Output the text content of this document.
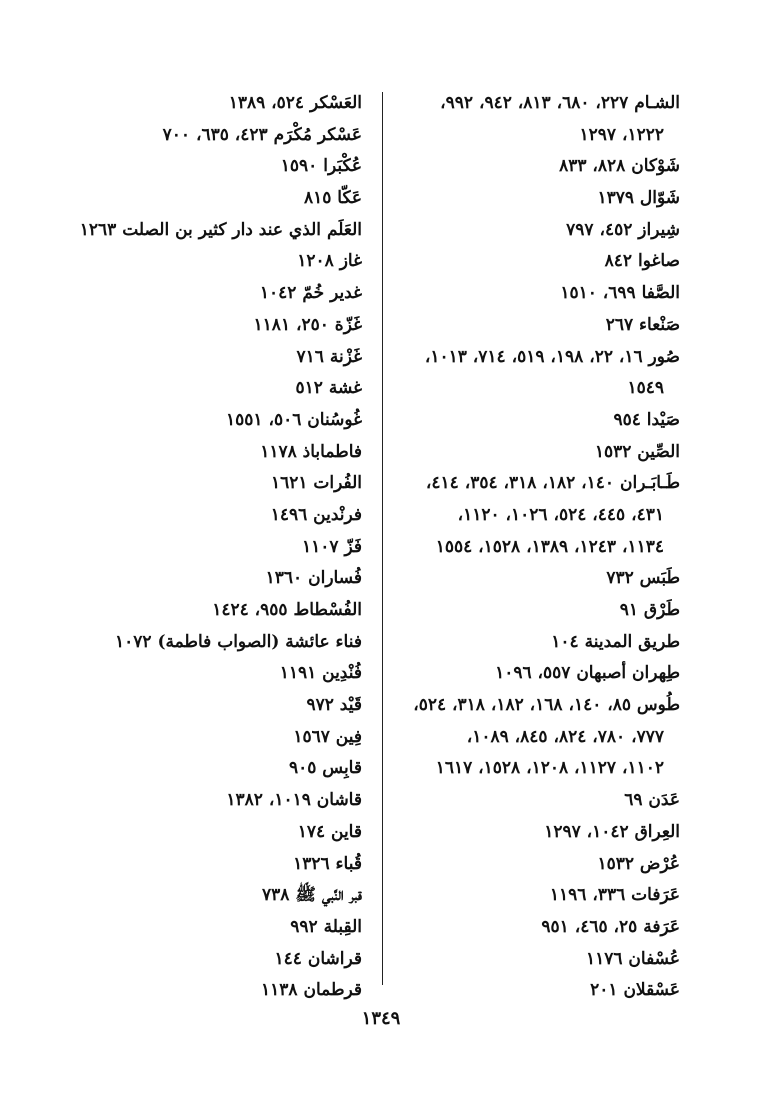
الشـام ٢٢٧، ٦٨٠، ٨١٣، ٩٤٢، ٩٩٢،
١٢٢٢، ١٢٩٧
شَوْكان ٨٢٨، ٨٣٣
شَوّال ١٣٧٩
شِيراز ٤٥٢، ٧٩٧
صاغوا ٨٤٢
الصَّفا ٦٩٩، ١٥١٠
صَنْعاء ٢٦٧
صُور ١٦، ٢٢، ١٩٨، ٥١٩، ٧١٤، ١٠١٣،
١٥٤٩
صَيْدا ٩٥٤
الصِّين ١٥٣٢
طَـابَـران ١٤٠، ١٨٢، ٣١٨، ٣٥٤، ٤١٤،
٤٣١، ٤٤٥، ٥٢٤، ١٠٢٦، ١١٢٠،
١١٣٤، ١٢٤٣، ١٣٨٩، ١٥٢٨، ١٥٥٤
طَبَس ٧٣٢
طَرْق ٩١
طريق المدينة ١٠٤
طِهران أصبهان ٥٥٧، ١٠٩٦
طُوس ٨٥، ١٤٠، ١٦٨، ١٨٢، ٣١٨، ٥٢٤،
٧٧٧، ٧٨٠، ٨٢٤، ٨٤٥، ١٠٨٩،
١١٠٢، ١١٢٧، ١٢٠٨، ١٥٢٨، ١٦١٧
عَدَن ٦٩
العِراق ١٠٤٢، ١٢٩٧
عُرْض ١٥٣٢
عَرَفات ٣٣٦، ١١٩٦
عَرَفة ٢٥، ٤٦٥، ٩٥١
عُسْفان ١١٧٦
عَسْقلان ٢٠١
العَسْكر ٥٢٤، ١٣٨٩
عَسْكر مُكْرَم ٤٢٣، ٦٣٥، ٧٠٠
عُكْبَرا ١٥٩٠
عَكّا ٨١٥
العَلَم الذي عند دار كثير بن الصلت ١٢٦٣
غاز ١٢٠٨
غدير خُمّ ١٠٤٢
غَزّة ٢٥٠، ١١٨١
غَزْنة ٧١٦
غشة ٥١٢
غُوسُنان ٥٠٦، ١٥٥١
فاطماباذ ١١٧٨
الفُرات ١٦٢١
فرنْدين ١٤٩٦
فَزّ ١١٠٧
فُساران ١٣٦٠
الفُسْطاط ٩٥٥، ١٤٢٤
فناء عائشة (الصواب فاطمة) ١٠٧٢
فُنْدِين ١١٩١
قَيْد ٩٧٢
فِين ١٥٦٧
قابِس ٩٠٥
قاشان ١٠١٩، ١٣٨٢
قاين ١٧٤
قُباء ١٣٢٦
قبر النَّبي ﷺ ٧٣٨
القِبلة ٩٩٢
قراشان ١٤٤
قرطمان ١١٣٨
١٣٤٩
